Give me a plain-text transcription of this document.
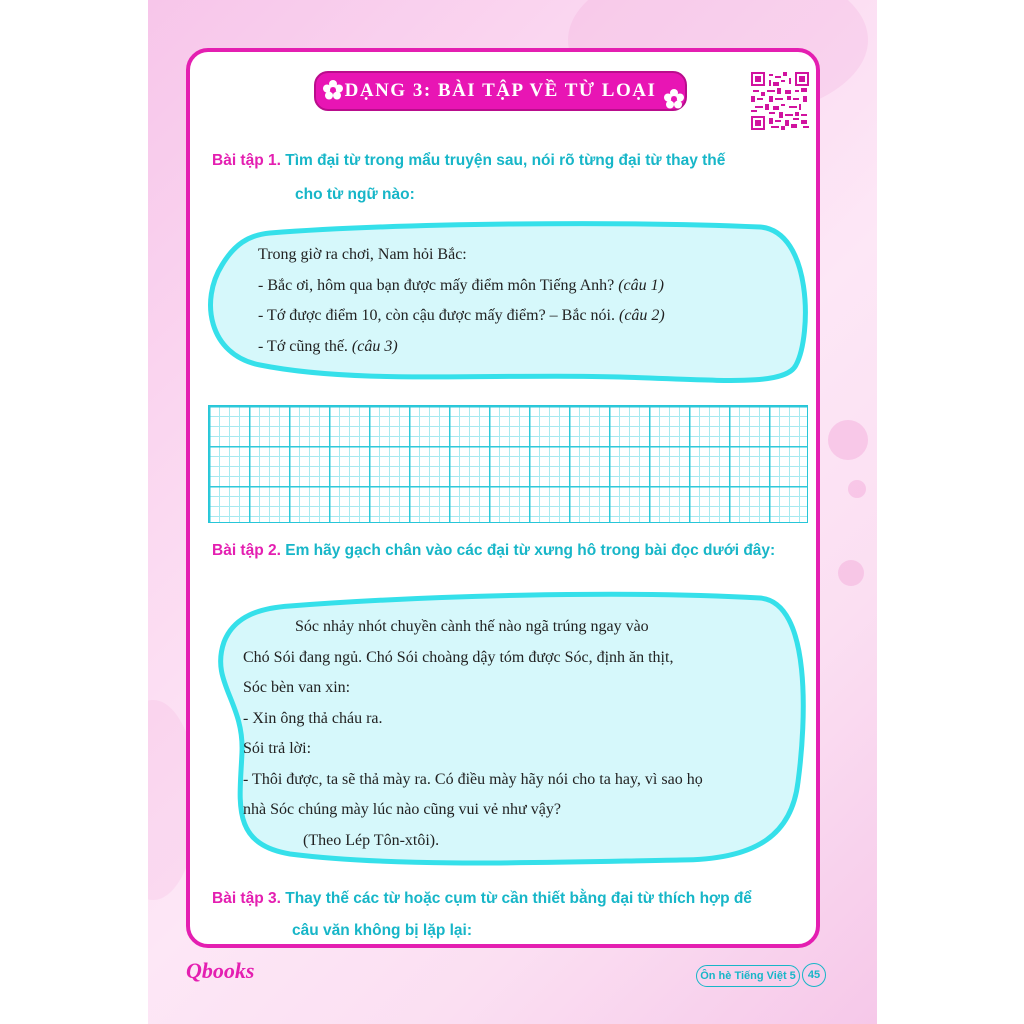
DẠNG 3: BÀI TẬP VỀ TỪ LOẠI
Bài tập 1. Tìm đại từ trong mẩu truyện sau, nói rõ từng đại từ thay thế
cho từ ngữ nào:
Trong giờ ra chơi, Nam hỏi Bắc:
- Bắc ơi, hôm qua bạn được mấy điểm môn Tiếng Anh? (câu 1)
- Tớ được điểm 10, còn cậu được mấy điểm? – Bắc nói. (câu 2)
- Tớ cũng thế. (câu 3)
Bài tập 2. Em hãy gạch chân vào các đại từ xưng hô trong bài đọc dưới đây:
Sóc nhảy nhót chuyền cành thế nào ngã trúng ngay vào
Chó Sói đang ngủ. Chó Sói choàng dậy tóm được Sóc, định ăn thịt,
Sóc bèn van xin:
- Xin ông thả cháu ra.
Sói trả lời:
- Thôi được, ta sẽ thả mày ra. Có điều mày hãy nói cho ta hay, vì sao họ
nhà Sóc chúng mày lúc nào cũng vui vẻ như vậy?
(Theo Lép Tôn-xtôi).
Bài tập 3. Thay thế các từ hoặc cụm từ cần thiết bằng đại từ thích hợp để
câu văn không bị lặp lại:
Qbooks	Ôn hè Tiếng Việt 5	45
